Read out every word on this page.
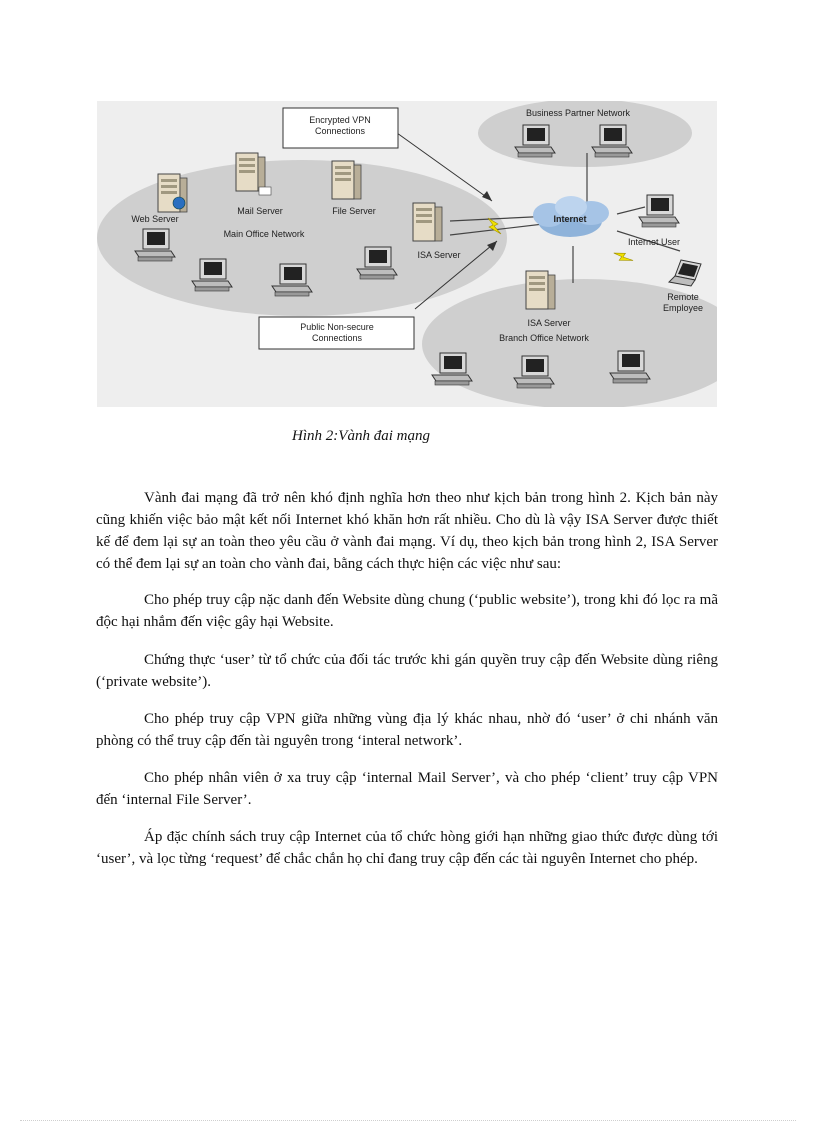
Encrypted VPN
Connections
Public Non-secure
Connections
Internet
Web Server
Mail Server	File Server
Main Office Network
ISA Server
ISA Server
Branch Office Network
Business Partner Network
Internet User
Remote
Employee
Hình 2:Vành đai mạng

Vành đai mạng đã trở nên khó định nghĩa hơn theo như kịch bản trong hình 2. Kịch bản này cũng khiến việc bảo mật kết nối Internet khó khăn hơn rất nhiều. Cho dù là vậy ISA Server được thiết kế để đem lại sự an toàn theo yêu cầu ở vành đai mạng. Ví dụ, theo kịch bản trong hình 2, ISA Server có thể đem lại sự an toàn cho vành đai, bằng cách thực hiện các việc như sau:

Cho phép truy cập nặc danh đến Website dùng chung (‘public website’), trong khi đó lọc ra mã độc hại nhắm đến việc gây hại Website.

Chứng thực ‘user’ từ tổ chức của đối tác trước khi gán quyền truy cập đến Website dùng riêng (‘private website’).

Cho phép truy cập VPN giữa những vùng địa lý khác nhau, nhờ đó ‘user’ ở chi nhánh văn phòng có thể truy cập đến tài nguyên trong ‘interal network’.

Cho phép nhân viên ở xa truy cập ‘internal Mail Server’, và cho phép ‘client’ truy cập VPN đến ‘internal File Server’.

Áp đặc chính sách truy cập Internet của tổ chức hòng giới hạn những giao thức được dùng tới ‘user’, và lọc từng ‘request’ để chắc chắn họ chỉ đang truy cập đến các tài nguyên Internet cho phép.
